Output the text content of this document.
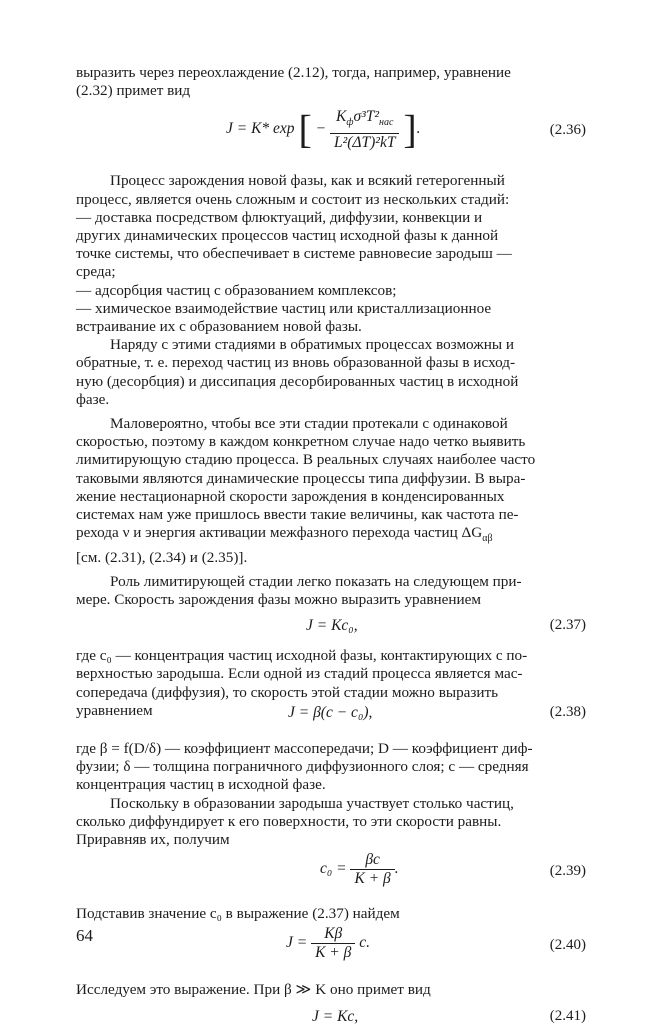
выразить через переохлаждение (2.12), тогда, например, уравнение
(2.32) примет вид

J = K* exp [ − $\frac{K_ф\sigma^3T^2_{нас}}{\text{L²(ΔT)²kT}}$ ].	(2.36)

Процесс зарождения новой фазы, как и всякий гетерогенный
процесс, является очень сложным и состоит из нескольких стадий:
— доставка посредством флюктуаций, диффузии, конвекции и
других динамических процессов частиц исходной фазы к данной
точке системы, что обеспечивает в системе равновесие зародыш —
среда;
— адсорбция частиц с образованием комплексов;
— химическое взаимодействие частиц или кристаллизационное
встраивание их с образованием новой фазы.

Наряду с этими стадиями в обратимых процессах возможны и
обратные, т. е. переход частиц из вновь образованной фазы в исход-
ную (десорбция) и диссипация десорбированных частиц в исходной
фазе.

Маловероятно, чтобы все эти стадии протекали с одинаковой
скоростью, поэтому в каждом конкретном случае надо четко выявить
лимитирующую стадию процесса. В реальных случаях наиболее часто
таковыми являются динамические процессы типа диффузии. В выра-
жение нестационарной скорости зарождения в конденсированных
системах нам уже пришлось ввести такие величины, как частота пе-
рехода ν и энергия активации межфазного перехода частиц $\Delta G_{\alpha\beta}$
[см. (2.31), (2.34) и (2.35)].

Роль лимитирующей стадии легко показать на следующем при-
мере. Скорость зарождения фазы можно выразить уравнением

J = Kc₀,	(2.37)

где c₀ — концентрация частиц исходной фазы, контактирующих с по-
верхностью зародыша. Если одной из стадий процесса является мас-
сопередача (диффузия), то скорость этой стадии можно выразить
уравнением	J = β(c − c₀),	(2.38)

где β = f(D/δ) — коэффициент массопередачи; D — коэффициент диф-
фузии; δ — толщина пограничного диффузионного слоя; c — средняя
концентрация частиц в исходной фазе.

Поскольку в образовании зародыша участвует столько частиц,
сколько диффундирует к его поверхности, то эти скорости равны.
Приравняв их, получим

$c_0 = \frac{\beta c}{K + \beta}$ .	(2.39)

Подставив значение c₀ в выражение (2.37) найдем

$J = \frac{K\beta}{K + \beta} c$.	(2.40)

Исследуем это выражение. При β ≫ K оно примет вид

J = Kc,	(2.41)
64
